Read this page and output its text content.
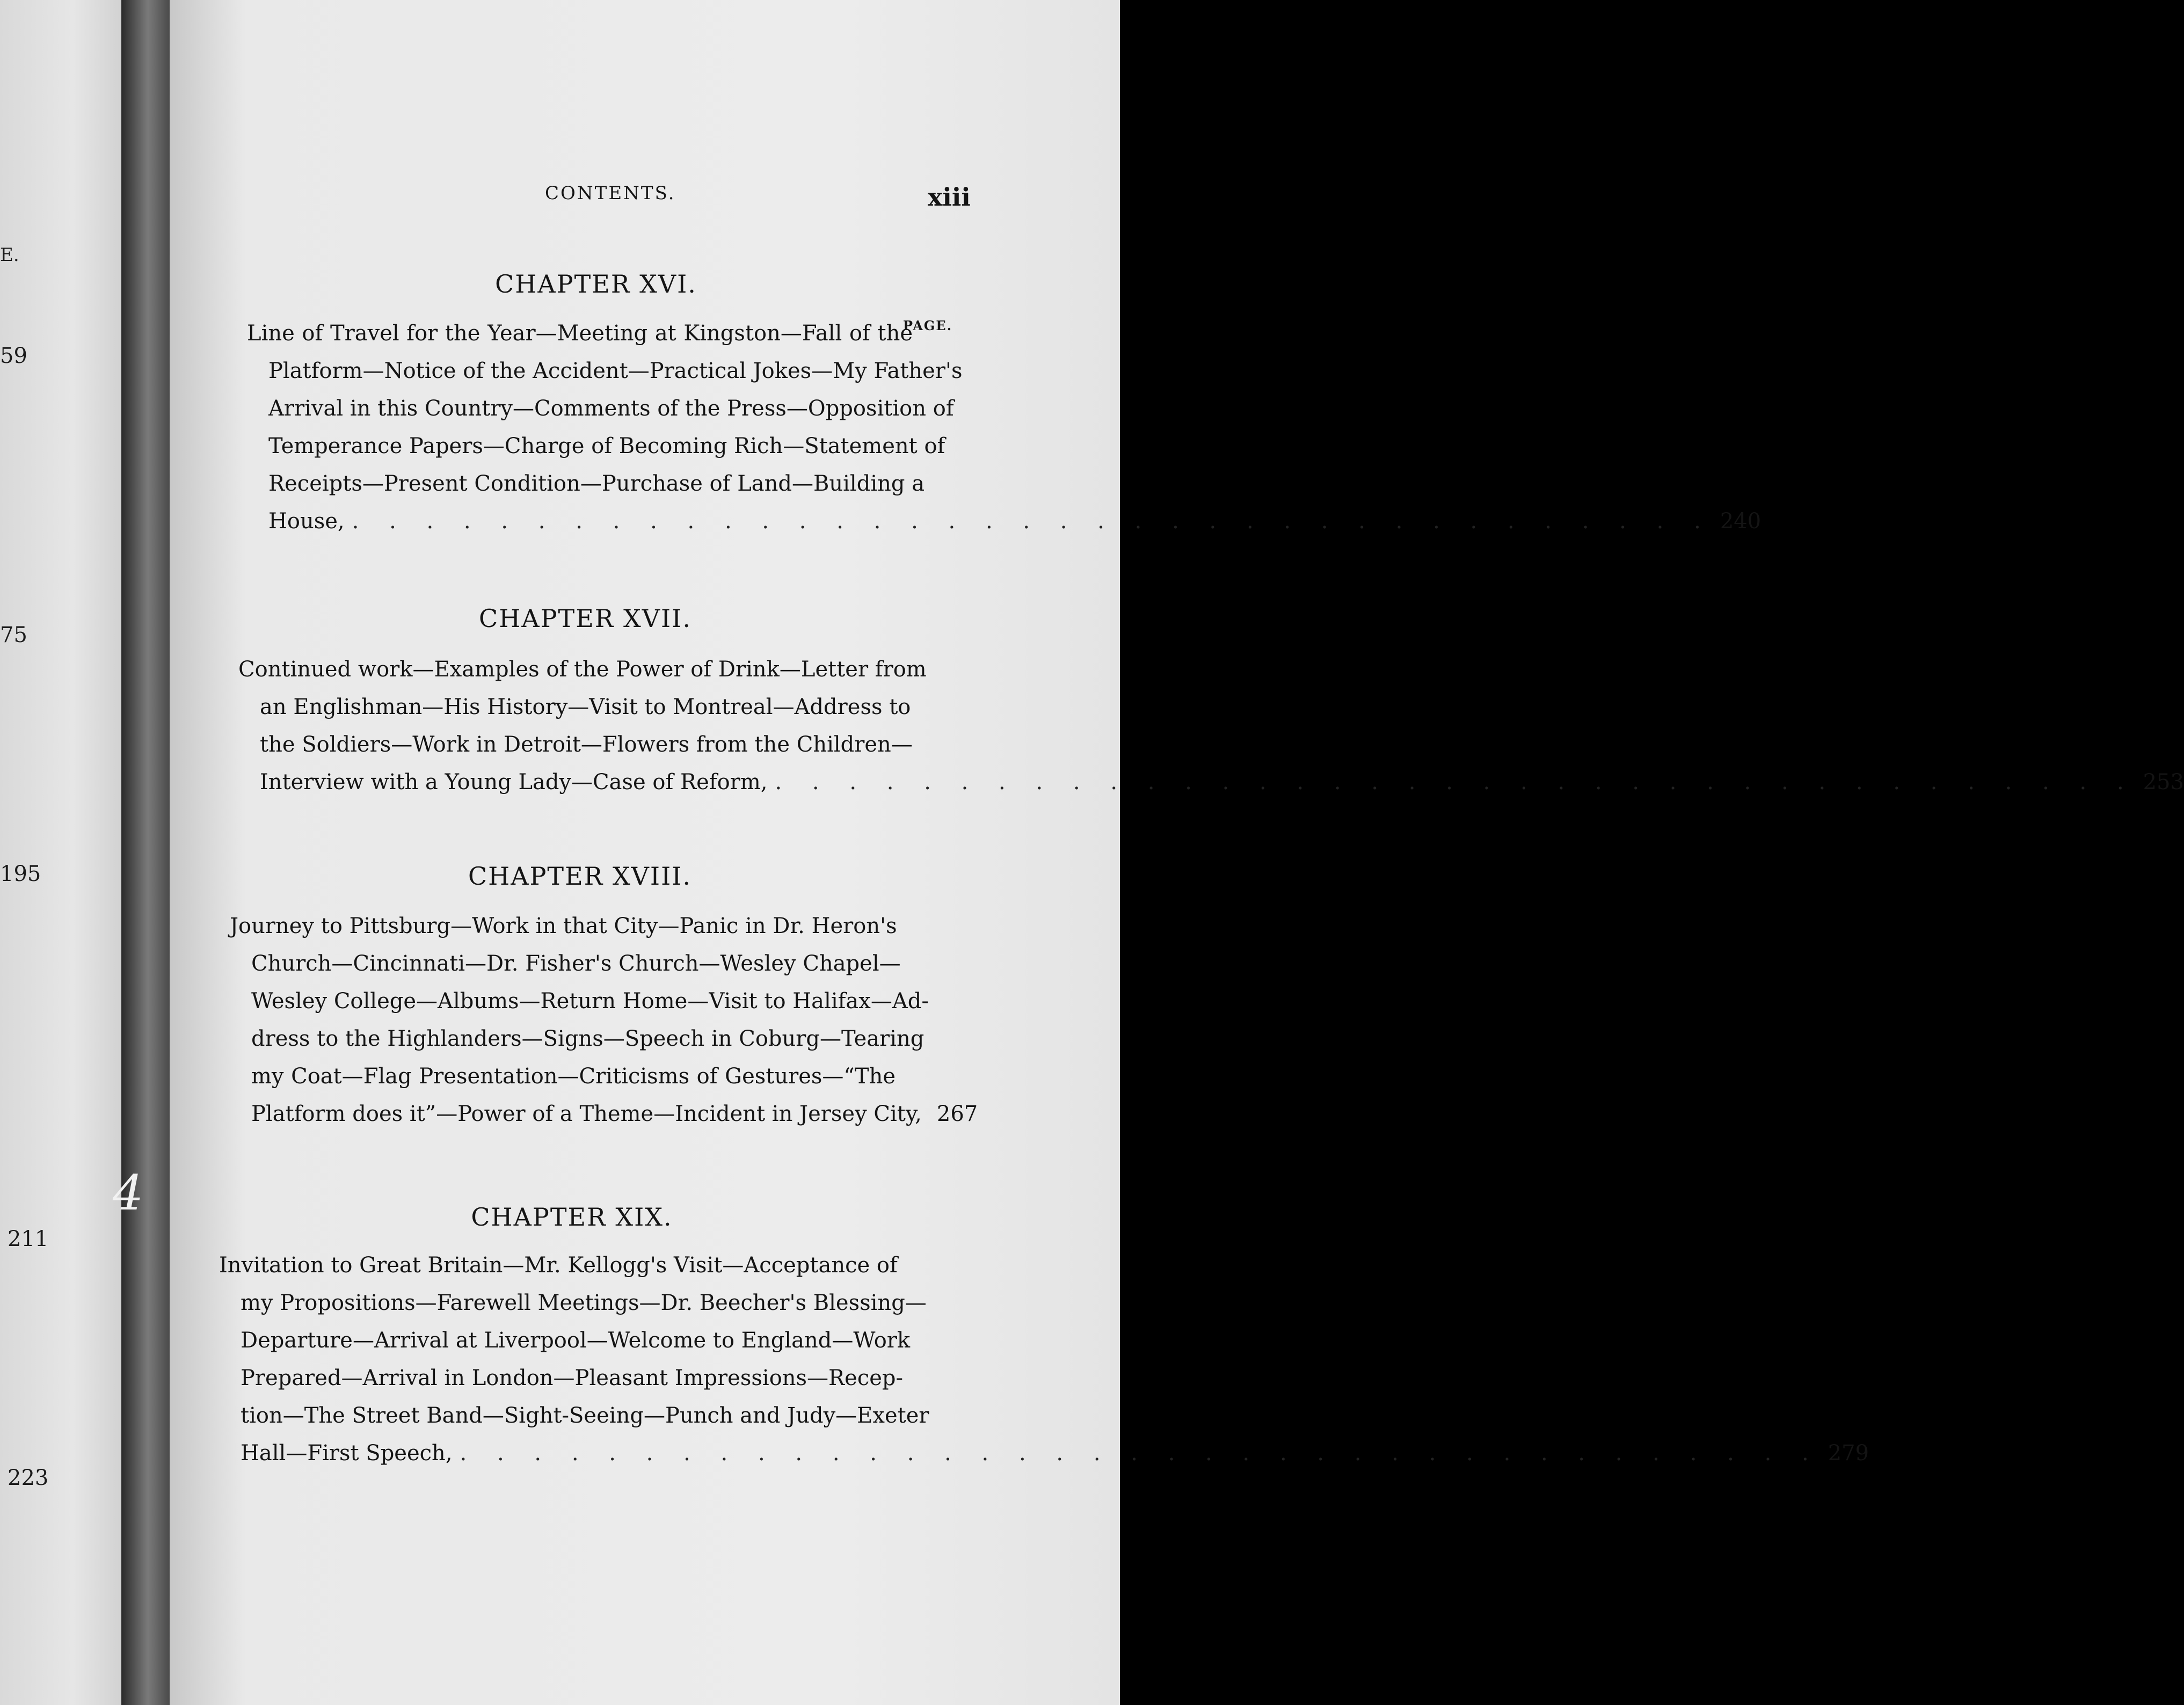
E.
59
75
195
211
223
4
CONTENTS.	xiii
CHAPTER XVI.
PAGE.
Line of Travel for the Year—Meeting at Kingston—Fall of the
Platform—Notice of the Accident—Practical Jokes—My Father's
Arrival in this Country—Comments of the Press—Opposition of
Temperance Papers—Charge of Becoming Rich—Statement of
Receipts—Present Condition—Purchase of Land—Building a
House, . . . . . . . . . . . . . . . . . . . . . . . . . . . . . . . . . . . . . 240
CHAPTER XVII.
Continued work—Examples of the Power of Drink—Letter from
an Englishman—His History—Visit to Montreal—Address to
the Soldiers—Work in Detroit—Flowers from the Children—
Interview with a Young Lady—Case of Reform, . . . . . . . . . . . . . . . . . . . . . . . . . . . . . . . . . . . . . 253
CHAPTER XVIII.
Journey to Pittsburg—Work in that City—Panic in Dr. Heron's
Church—Cincinnati—Dr. Fisher's Church—Wesley Chapel—
Wesley College—Albums—Return Home—Visit to Halifax—Ad-
dress to the Highlanders—Signs—Speech in Coburg—Tearing
my Coat—Flag Presentation—Criticisms of Gestures—“The
Platform does it”—Power of a Theme—Incident in Jersey City, 267
CHAPTER XIX.
Invitation to Great Britain—Mr. Kellogg's Visit—Acceptance of
my Propositions—Farewell Meetings—Dr. Beecher's Blessing—
Departure—Arrival at Liverpool—Welcome to England—Work
Prepared—Arrival in London—Pleasant Impressions—Recep-
tion—The Street Band—Sight-Seeing—Punch and Judy—Exeter
Hall—First Speech, . . . . . . . . . . . . . . . . . . . . . . . . . . . . . . . . . . . . . 279
